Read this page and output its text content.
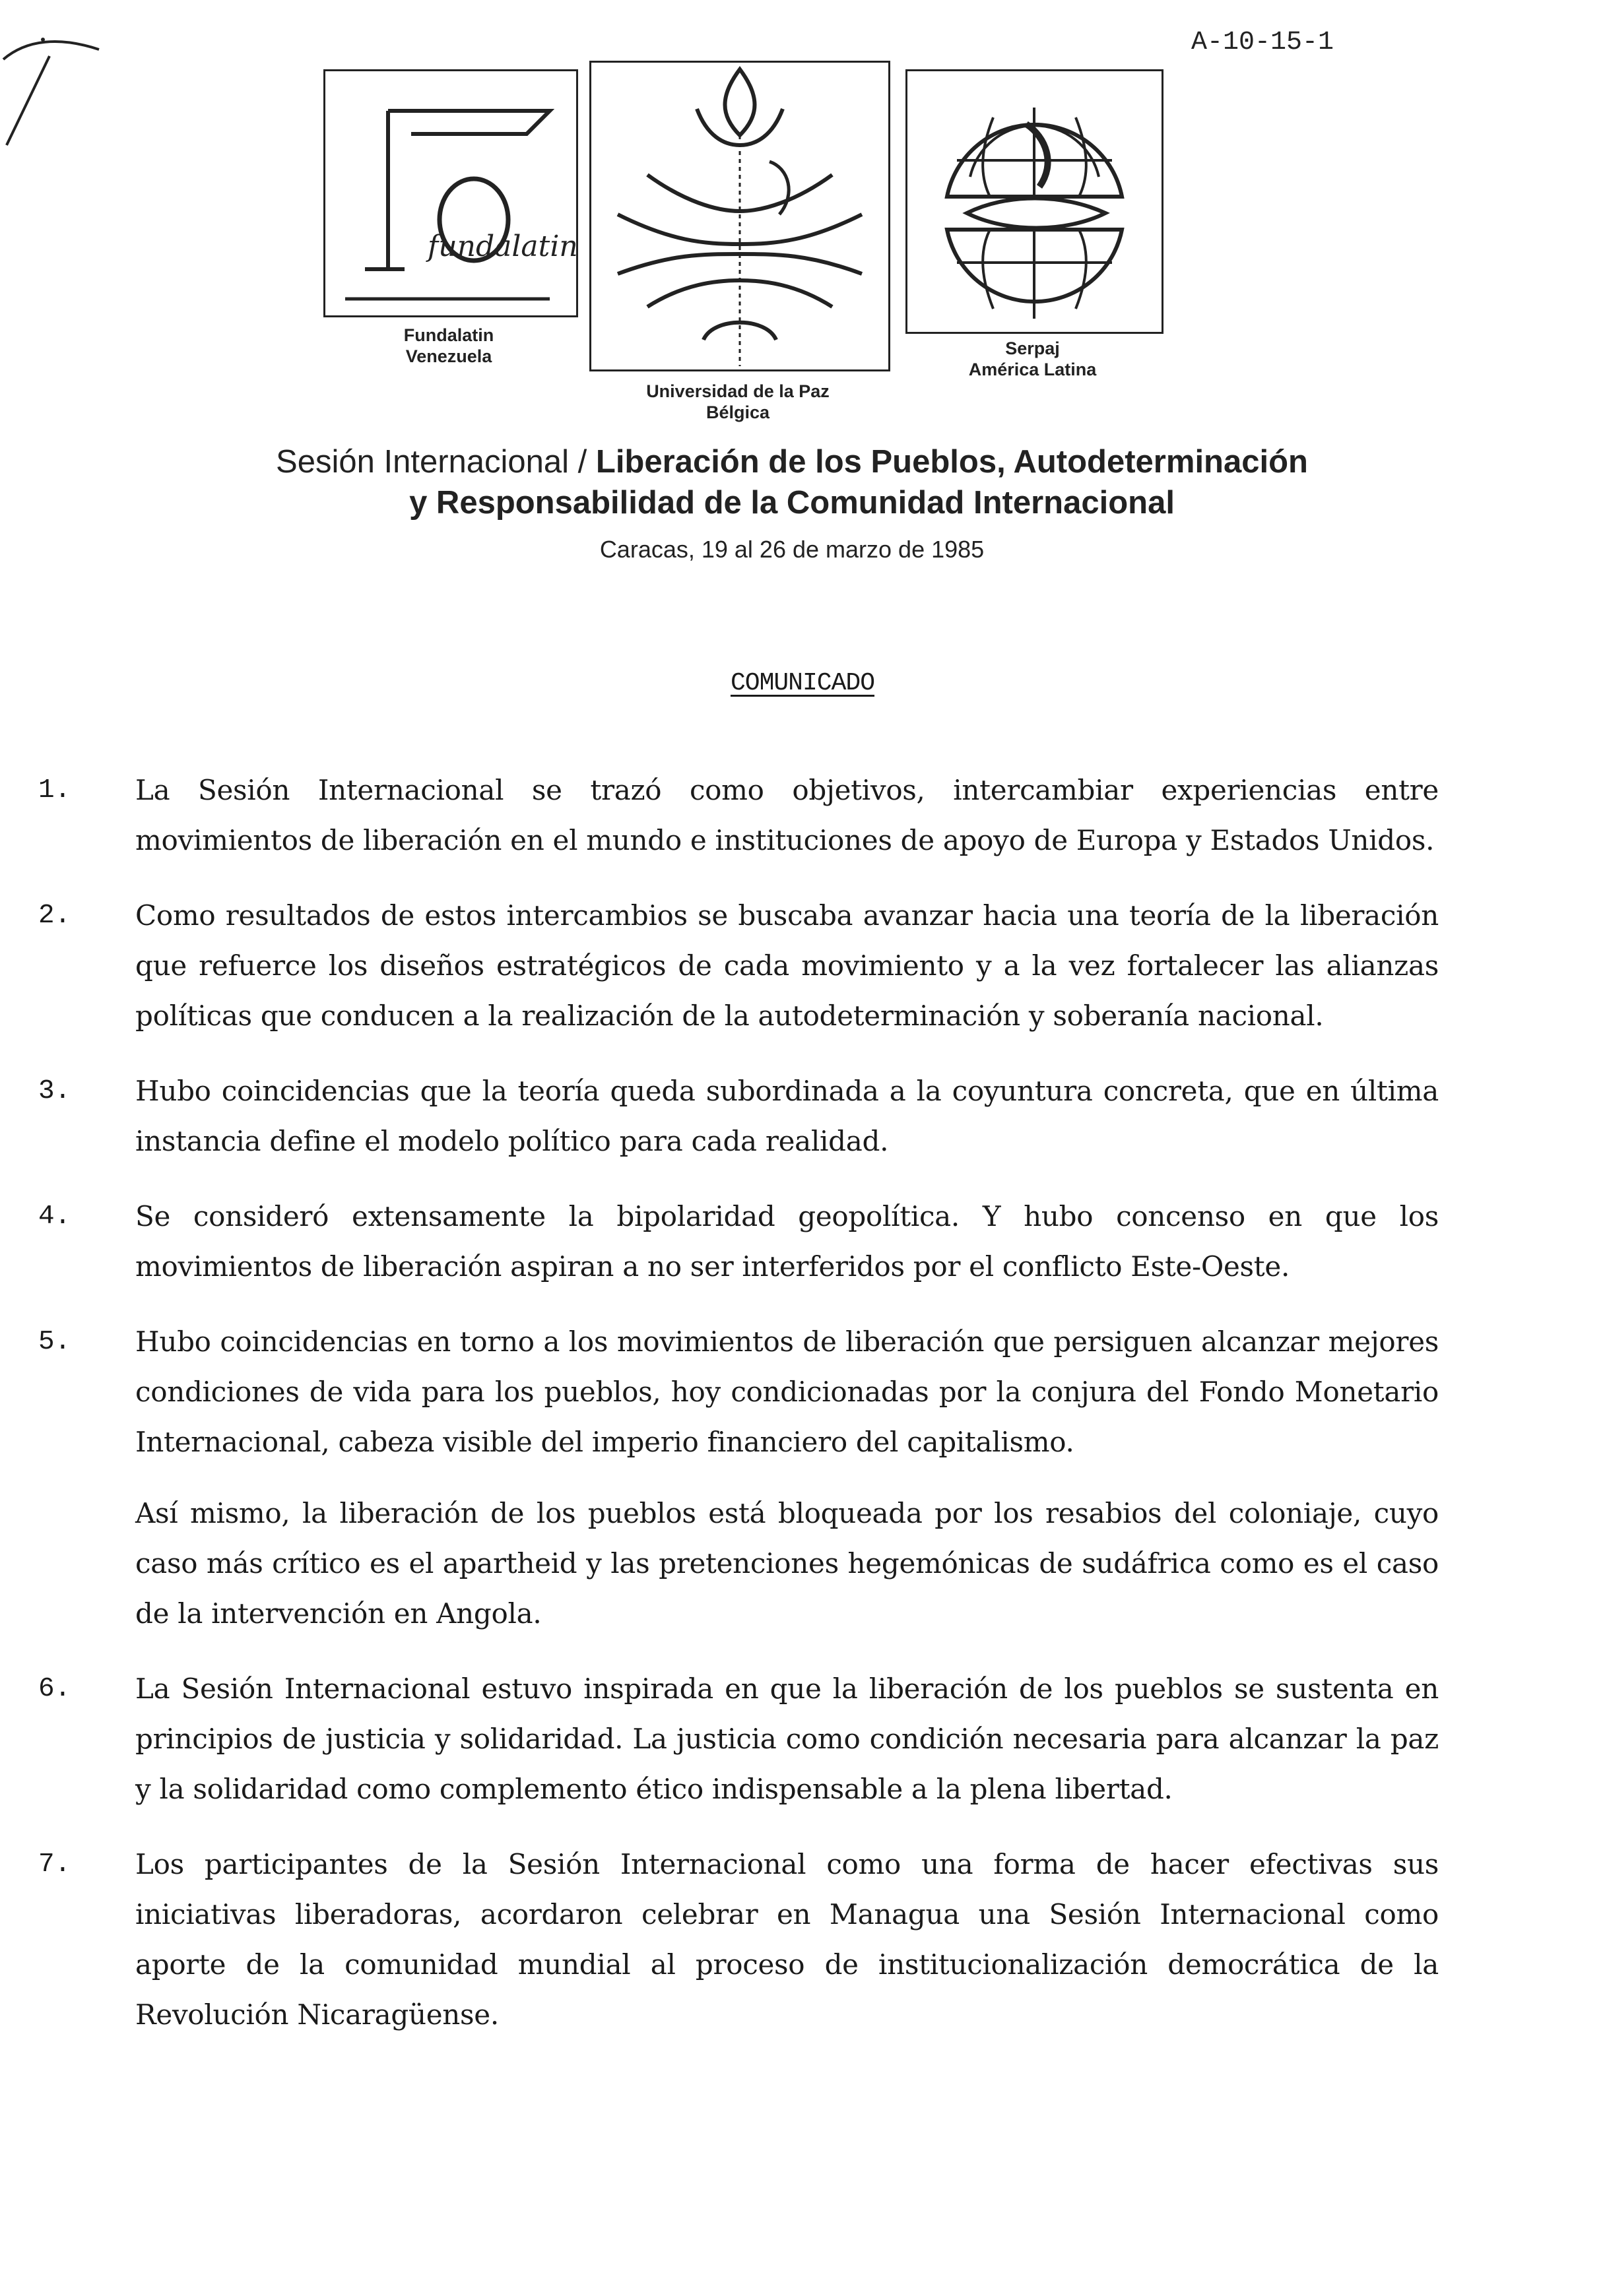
A-10-15-1
fundalatin
Fundalatin
Venezuela
Universidad de la Paz
Bélgica
Serpaj
América Latina
Sesión Internacional / Liberación de los Pueblos, Autodeterminación
y Responsabilidad de la Comunidad Internacional
Caracas, 19 al 26 de marzo de 1985
COMUNICADO
1. La Sesión Internacional se trazó como objetivos, intercambiar experiencias entre movimientos de liberación en el mundo e instituciones de apoyo de Europa y Estados Unidos.
2. Como resultados de estos intercambios se buscaba avanzar hacia una teoría de la liberación que refuerce los diseños estratégicos de cada movimiento y a la vez fortalecer las alianzas políticas que conducen a la realización de la autodeterminación y soberanía nacional.
3. Hubo coincidencias que la teoría queda subordinada a la coyuntura concreta, que en última instancia define el modelo político para cada realidad.
4. Se consideró extensamente la bipolaridad geopolítica. Y hubo concenso en que los movimientos de liberación aspiran a no ser interferidos por el conflicto Este-Oeste.
5. Hubo coincidencias en torno a los movimientos de liberación que persiguen alcanzar mejores condiciones de vida para los pueblos, hoy condicionadas por la conjura del Fondo Monetario Internacional, cabeza visible del imperio financiero del capitalismo.
Así mismo, la liberación de los pueblos está bloqueada por los resabios del coloniaje, cuyo caso más crítico es el apartheid y las pretenciones hegemónicas de sudáfrica como es el caso de la intervención en Angola.
6. La Sesión Internacional estuvo inspirada en que la liberación de los pueblos se sustenta en principios de justicia y solidaridad. La justicia como condición necesaria para alcanzar la paz y la solidaridad como complemento ético indispensable a la plena libertad.
7. Los participantes de la Sesión Internacional como una forma de hacer efectivas sus iniciativas liberadoras, acordaron celebrar en Managua una Sesión Internacional como aporte de la comunidad mundial al proceso de institucionalización democrática de la Revolución Nicaragüense.
